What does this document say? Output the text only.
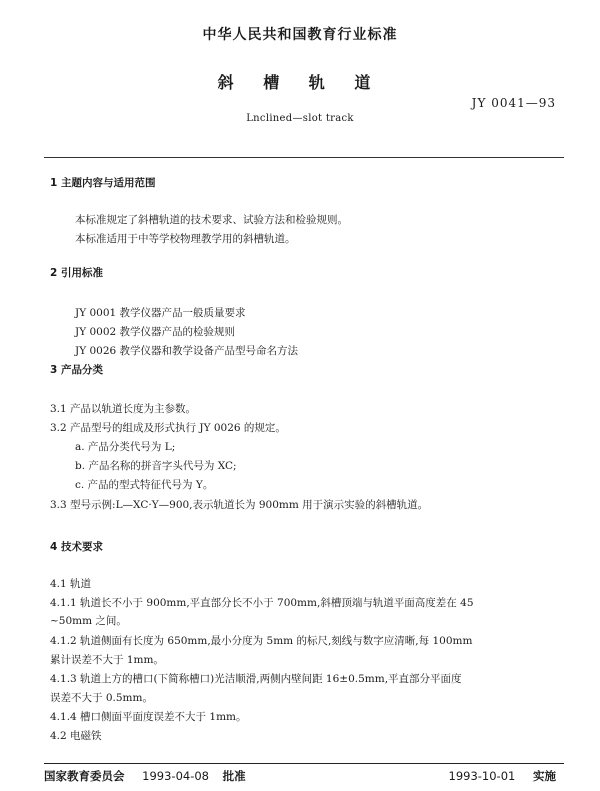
中华人民共和国教育行业标准
斜 槽 轨 道
JY 0041—93
Lnclined—slot track
1 主题内容与适用范围
本标准规定了斜槽轨道的技术要求、试验方法和检验规则。
本标准适用于中等学校物理教学用的斜槽轨道。
2 引用标准
JY 0001 教学仪器产品一般质量要求
JY 0002 教学仪器产品的检验规则
JY 0026 教学仪器和教学设备产品型号命名方法
3 产品分类
3.1 产品以轨道长度为主参数。
3.2 产品型号的组成及形式执行 JY 0026 的规定。
a. 产品分类代号为 L;
b. 产品名称的拼音字头代号为 XC;
c. 产品的型式特征代号为 Y。
3.3 型号示例:L—XC·Y—900,表示轨道长为 900mm 用于演示实验的斜槽轨道。
4 技术要求
4.1 轨道
4.1.1 轨道长不小于 900mm,平直部分长不小于 700mm,斜槽顶端与轨道平面高度差在 45
~50mm 之间。
4.1.2 轨道侧面有长度为 650mm,最小分度为 5mm 的标尺,刻线与数字应清晰,每 100mm
累计误差不大于 1mm。
4.1.3 轨道上方的槽口(下简称槽口)光洁顺滑,两侧内壁间距 16±0.5mm,平直部分平面度
误差不大于 0.5mm。
4.1.4 槽口侧面平面度误差不大于 1mm。
4.2 电磁铁
国家教育委员会 1993-04-08 批准	1993-10-01 实施
